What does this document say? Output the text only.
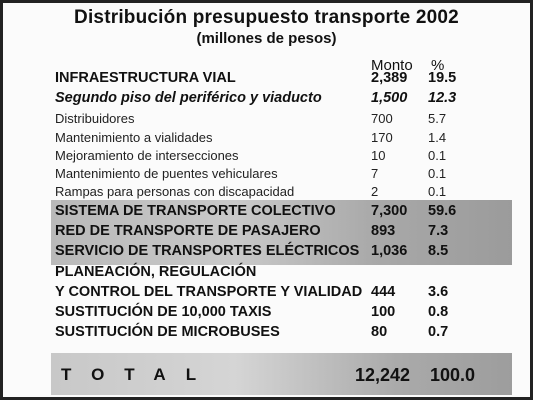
Distribución presupuesto transporte 2002
(millones de pesos)
Monto %
INFRAESTRUCTURA VIAL	2,389 19.5
Segundo piso del periférico y viaducto	1,500 12.3
Distribuidores	700	5.7
Mantenimiento a vialidades	170	1.4
Mejoramiento de intersecciones	10	0.1
Mantenimiento de puentes vehiculares	7	0.1
Rampas para personas con discapacidad	2	0.1
SISTEMA DE TRANSPORTE COLECTIVO 7,300 59.6
RED DE TRANSPORTE DE PASAJERO	893 7.3
SERVICIO DE TRANSPORTES ELÉCTRICOS 1,036 8.5
PLANEACIÓN, REGULACIÓN
Y CONTROL DEL TRANSPORTE Y VIALIDAD 444 3.6
SUSTITUCIÓN DE 10,000 TAXIS	100 0.8
SUSTITUCIÓN DE MICROBUSES	80	0.7
TOTAL	12,242 100.0
